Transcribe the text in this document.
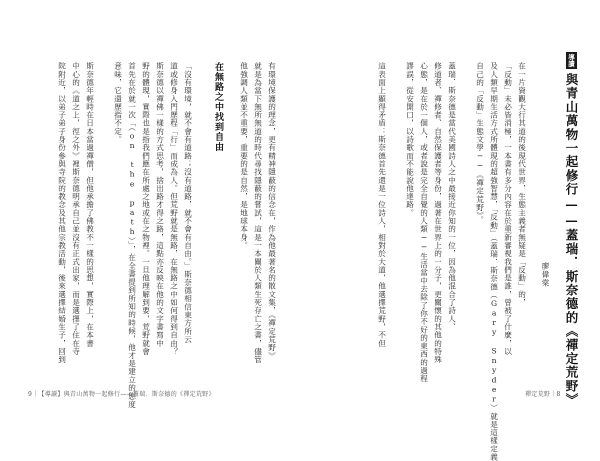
導讀與青山萬物一起修行——蓋瑞．斯奈德的《禪定荒野》
廖偉棠
在一片資觀大行其道的後現代世界，生態主義者無疑是「反動」的，
「反動」未必皆消極，一本書有多分內容在於重新審視我們是誰，曾被了什麼，以
及人類早期生活方式所體現的超強智慧，「反動」（蓋瑞．斯奈德（Gary Snyder）就是這樣定義
自己的「反動」生態文學──《禪定荒野》。
蓋瑞．斯奈德是當代美國詩人之中最接近你知的一位，因為他混合了詩人、
修道者、禪修者、自然保護者等身份，過著在世界上的一分子，更關懷的其他的特殊
心態，是在於一個人，或者說是完全自覺的人類──生活當中去除了你不好的東西的過程
謬誤，從安開口，以詩歌而不能說他達路。
這表面上顯得矛盾：斯奈德首先還是一位詩人，相對於大道，他選擇荒野，不但
禪定荒野｜8
有環境保護的理念，更有精神隱蔽的信念在，作為他最著名的散文集，《禪定荒野》
就是為當下無所無道的時代尋找隱蔽的嘗試，這是一本關於人類生死存亡之書，儘管
他強調人類並不重要，重要的是自然，是地球本身。
在無路之中找到自由
「沒有環境，就不會有道路；沒有道路，就不會有自由。」斯奈德相信東方所云
道或修身入門歷程「行」而成為人。但荒野就是無路，在無路之中如何得到自由？
斯奈德以禪佛一樣的方式思考，捨出路才得之路，這點亦反映在他的文字書寫中
野的體現，實際也是指我們應在所處之地或在之物裡。一旦他理解到要，荒野就會
首先在於就一次「（on the path）」，在全書提到所知的時候，他才是建立的態度
意味，它還歷指不定。
斯奈德年輕時在日本當過禪僧，但他承擔了佛教不一樣的思想，實際上，在本書
中心的《道之上，徑之外》裡斯奈德明承自己並沒有正式出家，而是選擇了住在寺
院附近，以弟子弟子身份參與寺院的教念及其他宗教活動，後來選擇結婚生子，回到
9｜【導讀】與青山萬物一起修行——蓋瑞．斯奈德的《禪定荒野》
